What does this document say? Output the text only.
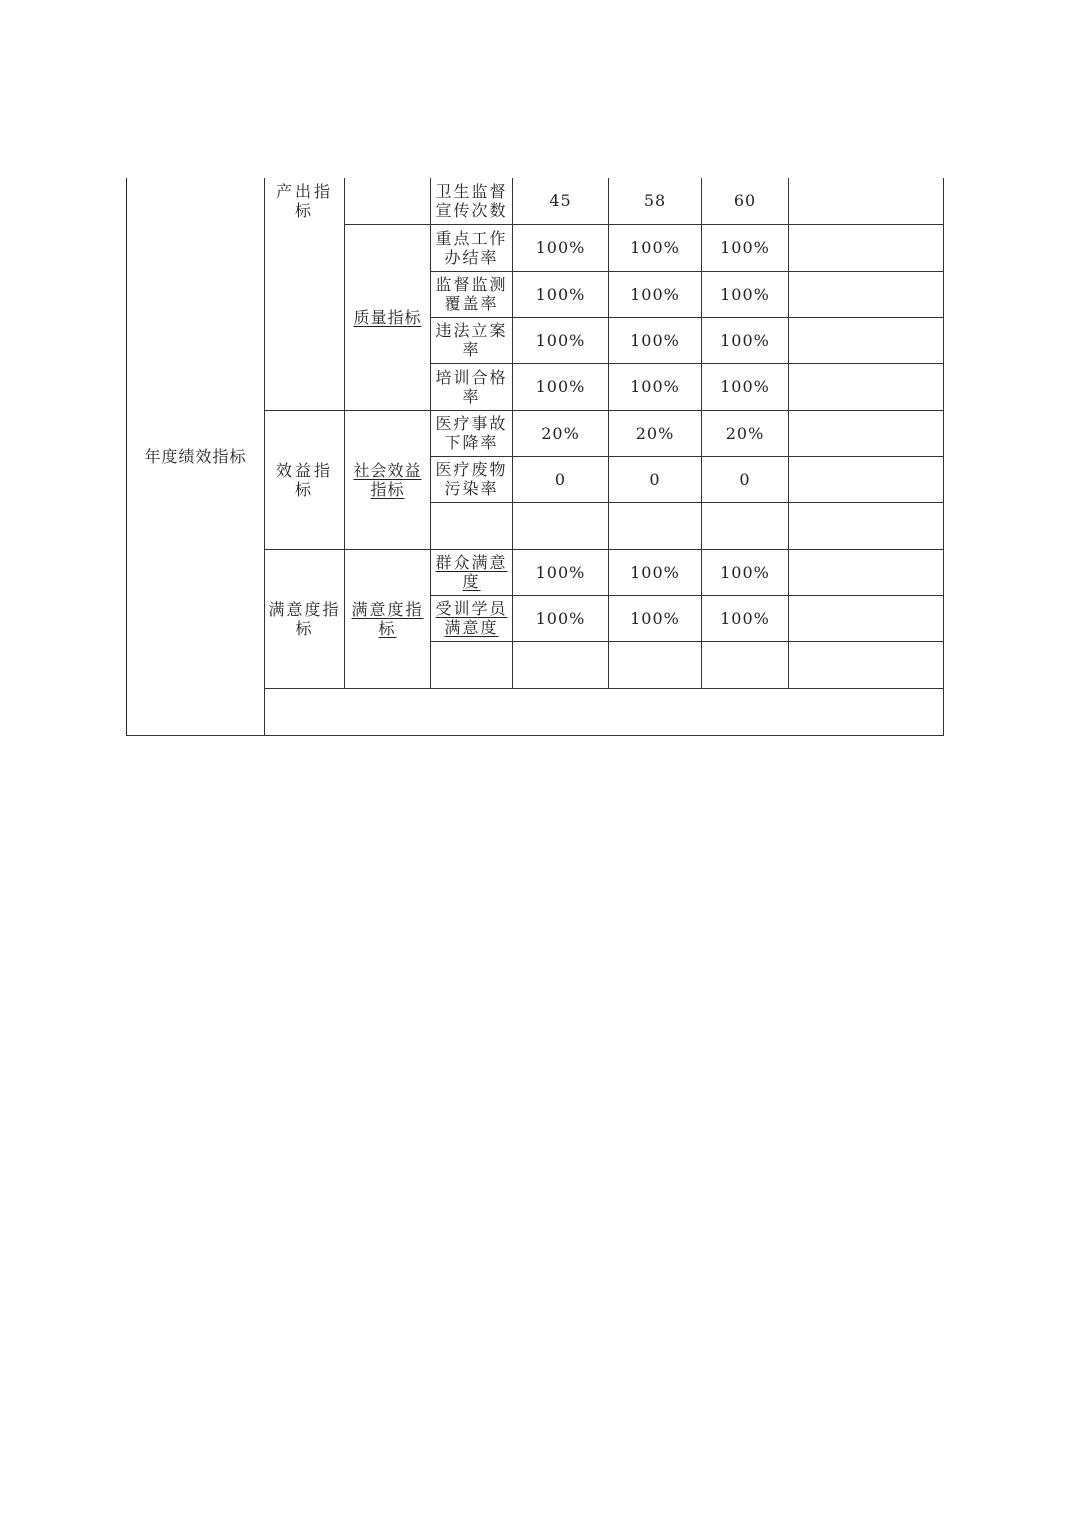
年度绩效指标	产出指标		卫生监督宣传次数	45	58	60	
		质量指标	重点工作办结率	100%	100%	100%	
			监督监测覆盖率	100%	100%	100%	
			违法立案率	100%	100%	100%	
			培训合格率	100%	100%	100%	
	效益指标	社会效益指标	医疗事故下降率	20%	20%	20%	
			医疗废物污染率	0	0	0	

	满意度指标	满意度指标	群众满意度	100%	100%	100%	
			受训学员满意度	100%	100%	100%	
